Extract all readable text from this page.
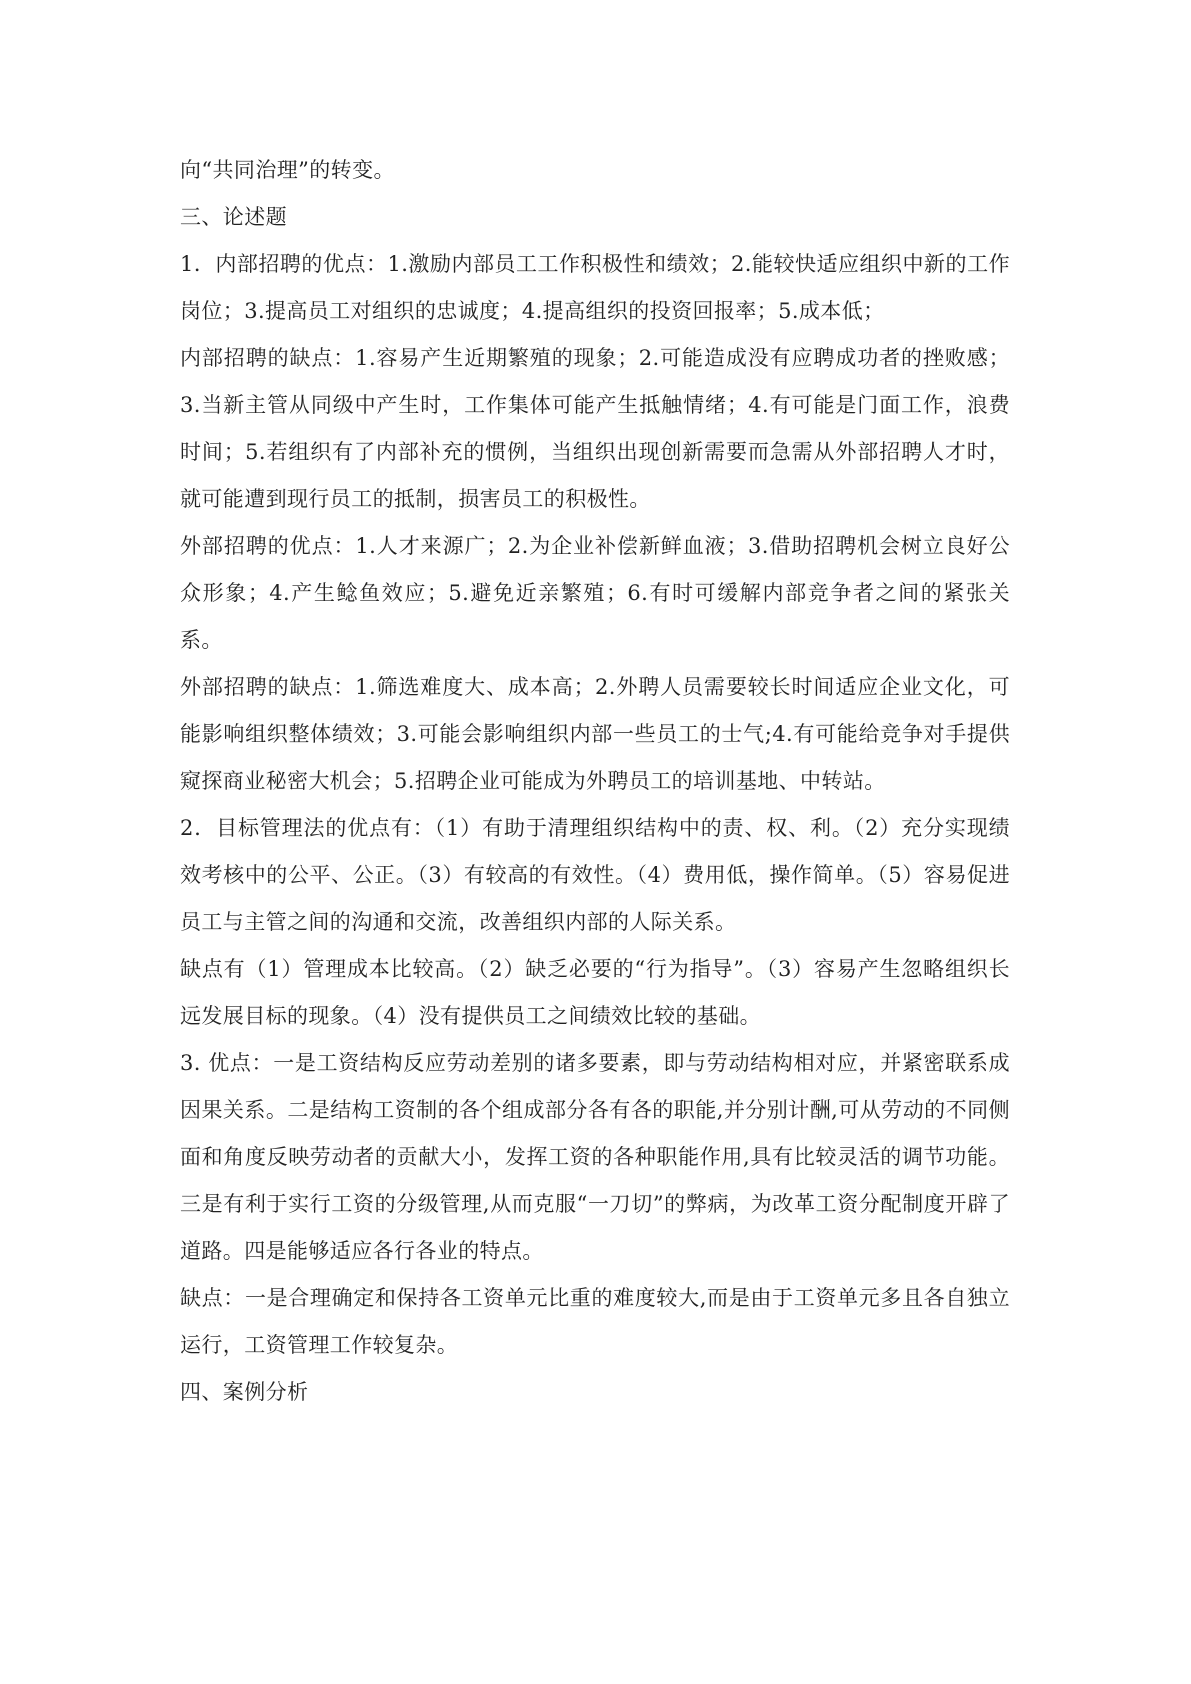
向“共同治理”的转变。

三、论述题

1．内部招聘的优点：1.激励内部员工工作积极性和绩效；2.能较快适应组织中新的工作岗位；3.提高员工对组织的忠诚度；4.提高组织的投资回报率；5.成本低；

内部招聘的缺点：1.容易产生近期繁殖的现象；2.可能造成没有应聘成功者的挫败感；3.当新主管从同级中产生时，工作集体可能产生抵触情绪；4.有可能是门面工作，浪费时间；5.若组织有了内部补充的惯例，当组织出现创新需要而急需从外部招聘人才时，就可能遭到现行员工的抵制，损害员工的积极性。

外部招聘的优点：1.人才来源广；2.为企业补偿新鲜血液；3.借助招聘机会树立良好公众形象；4.产生鲶鱼效应；5.避免近亲繁殖；6.有时可缓解内部竞争者之间的紧张关系。

外部招聘的缺点：1.筛选难度大、成本高；2.外聘人员需要较长时间适应企业文化，可能影响组织整体绩效；3.可能会影响组织内部一些员工的士气;4.有可能给竞争对手提供窥探商业秘密大机会；5.招聘企业可能成为外聘员工的培训基地、中转站。

2．目标管理法的优点有：（1）有助于清理组织结构中的责、权、利。（2）充分实现绩效考核中的公平、公正。（3）有较高的有效性。（4）费用低，操作简单。（5）容易促进员工与主管之间的沟通和交流，改善组织内部的人际关系。

缺点有（1）管理成本比较高。（2）缺乏必要的“行为指导”。（3）容易产生忽略组织长远发展目标的现象。（4）没有提供员工之间绩效比较的基础。

3. 优点：一是工资结构反应劳动差别的诸多要素，即与劳动结构相对应，并紧密联系成因果关系。二是结构工资制的各个组成部分各有各的职能,并分别计酬,可从劳动的不同侧面和角度反映劳动者的贡献大小，发挥工资的各种职能作用,具有比较灵活的调节功能。三是有利于实行工资的分级管理,从而克服“一刀切”的弊病，为改革工资分配制度开辟了道路。四是能够适应各行各业的特点。

缺点：一是合理确定和保持各工资单元比重的难度较大,而是由于工资单元多且各自独立运行，工资管理工作较复杂。

四、案例分析
